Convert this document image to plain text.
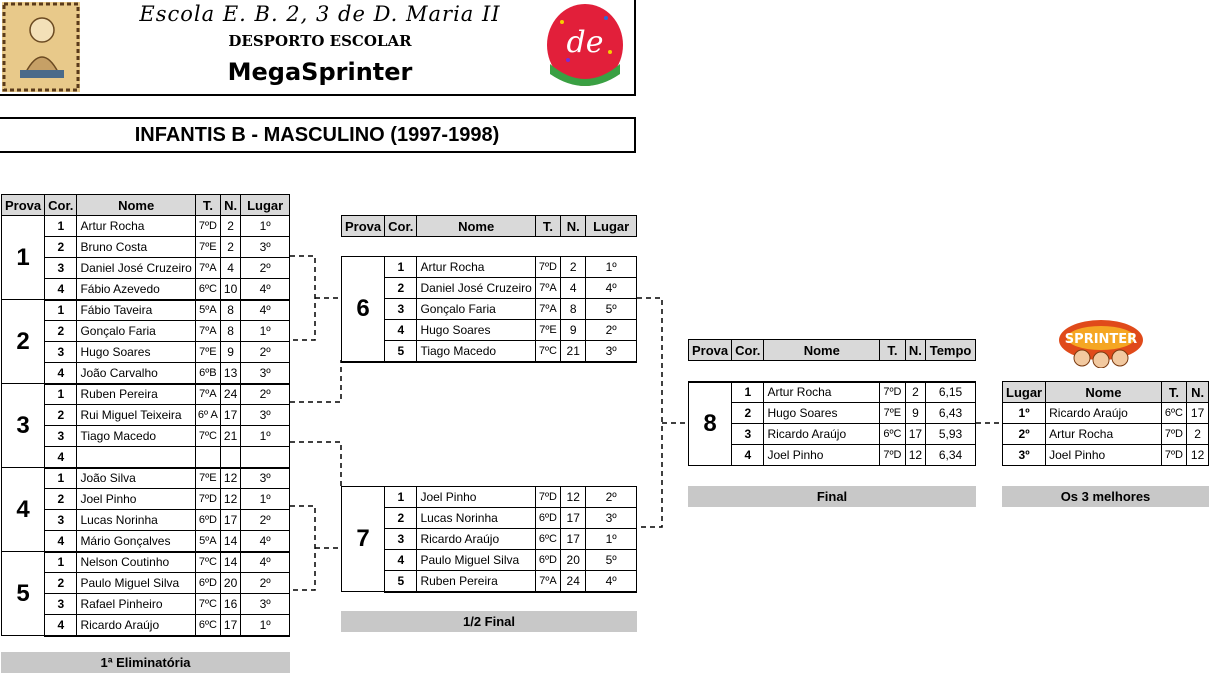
Escola E. B. 2, 3 de D. Maria II
DESPORTO ESCOLAR
MegaSprinter
de
INFANTIS B - MASCULINO (1997-1998)
Prova	Cor.	Nome	T.	N.	Lugar
1	1	Artur Rocha	7ºD	2	1º
	2	Bruno Costa	7ºE	2	3º
	3	Daniel José Cruzeiro	7ºA	4	2º
	4	Fábio Azevedo	6ºC	10	4º
2	1	Fábio Taveira	5ºA	8	4º
	2	Gonçalo Faria	7ºA	8	1º
	3	Hugo Soares	7ºE	9	2º
	4	João Carvalho	6ºB	13	3º
3	1	Ruben Pereira	7ºA	24	2º
	2	Rui Miguel Teixeira	6º A	17	3º
	3	Tiago Macedo	7ºC	21	1º
	4				
4	1	João Silva	7ºE	12	3º
	2	Joel Pinho	7ºD	12	1º
	3	Lucas Norinha	6ºD	17	2º
	4	Mário Gonçalves	5ºA	14	4º
5	1	Nelson Coutinho	7ºC	14	4º
	2	Paulo Miguel Silva	6ºD	20	2º
	3	Rafael Pinheiro	7ºC	16	3º
	4	Ricardo Araújo	6ºC	17	1º
Prova	Cor.	Nome	T.	N.	Lugar

6	1	Artur Rocha	7ºD	2	1º
	2	Daniel José Cruzeiro	7ºA	4	4º
	3	Gonçalo Faria	7ºA	8	5º
	4	Hugo Soares	7ºE	9	2º
	5	Tiago Macedo	7ºC	21	3º

7	1	Joel Pinho	7ºD	12	2º
	2	Lucas Norinha	6ºD	17	3º
	3	Ricardo Araújo	6ºC	17	1º
	4	Paulo Miguel Silva	6ºD	20	5º
	5	Ruben Pereira	7ºA	24	4º
Prova	Cor.	Nome	T.	N.	Tempo

8	1	Artur Rocha	7ºD	2	6,15
	2	Hugo Soares	7ºE	9	6,43
	3	Ricardo Araújo	6ºC	17	5,93
	4	Joel Pinho	7ºD	12	6,34
SPRINTER
Lugar	Nome	T.	N.
1º	Ricardo Araújo	6ºC	17
2º	Artur Rocha	7ºD	2
3º	Joel Pinho	7ºD	12
1ª Eliminatória
1/2 Final
Final	Os 3 melhores
